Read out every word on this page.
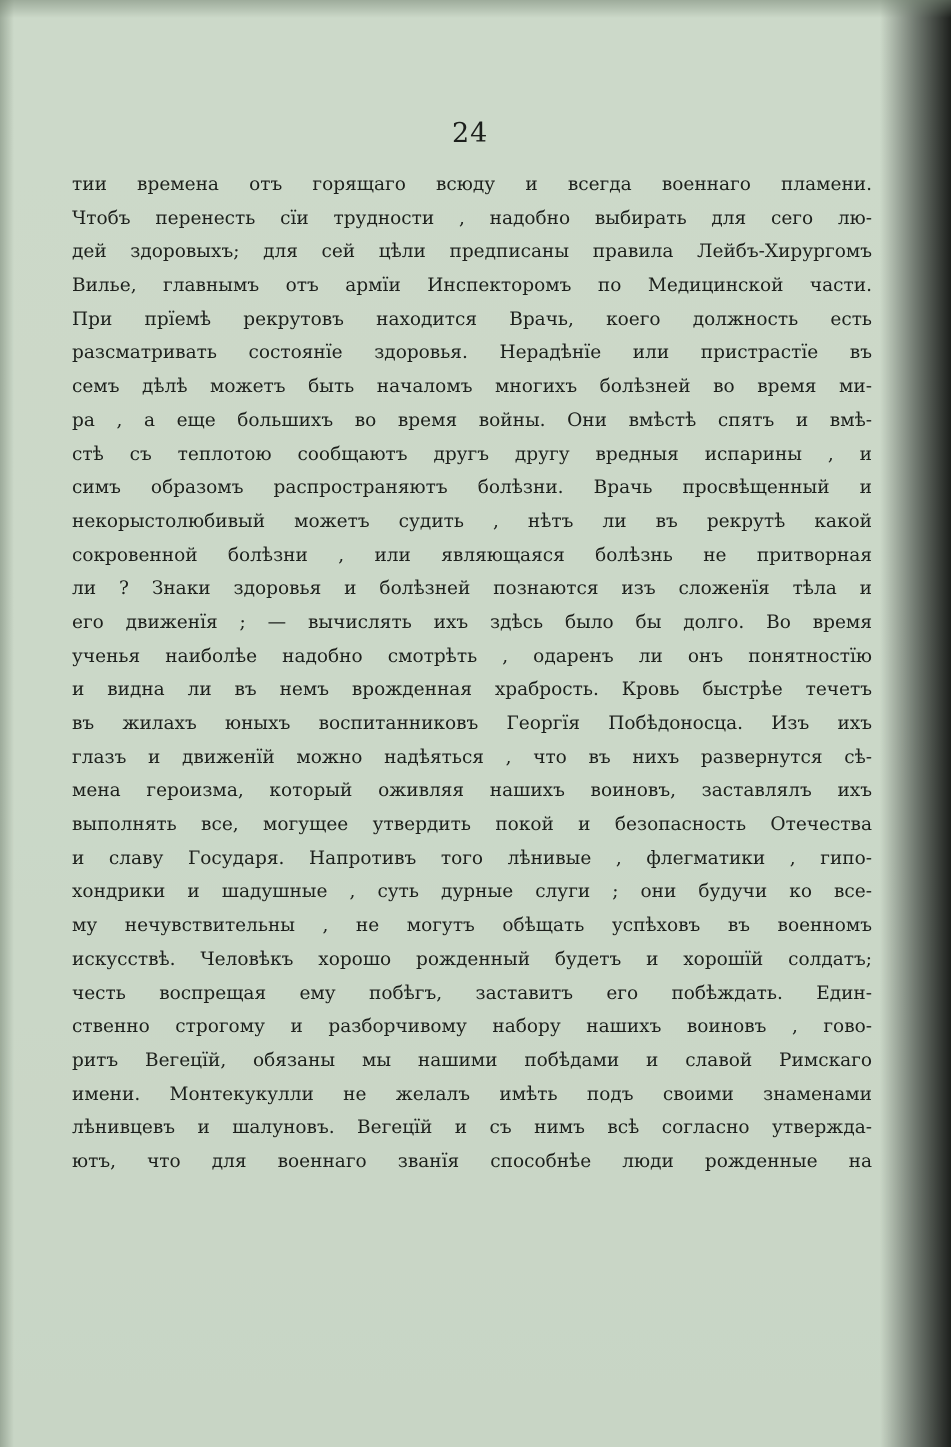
24
тии времена отъ горящаго всюду и всегда военнаго пламени.
Чтобъ перенесть сїи трудности , надобно выбирать для сего лю-
дей здоровыхъ; для сей цѣли предписаны правила Лейбъ-Хирургомъ
Вилье, главнымъ отъ армїи Инспекторомъ по Медицинской части.
При прїемѣ рекрутовъ находится Врачь, коего должность есть
разсматривать состоянїе здоровья. Нерадѣнїе или пристрастїе въ
семъ дѣлѣ можетъ быть началомъ многихъ болѣзней во время ми-
ра , а еще большихъ во время войны. Они вмѣстѣ спятъ и вмѣ-
стѣ съ теплотою сообщаютъ другъ другу вредныя испарины , и
симъ образомъ распространяютъ болѣзни. Врачь просвѣщенный и
некорыстолюбивый можетъ судить , нѣтъ ли въ рекрутѣ какой
сокровенной болѣзни , или являющаяся болѣзнь не притворная
ли ? Знаки здоровья и болѣзней познаются изъ сложенїя тѣла и
его движенїя ; — вычислять ихъ здѣсь было бы долго. Во время
ученья наиболѣе надобно смотрѣть , одаренъ ли онъ понятностїю
и видна ли въ немъ врожденная храбрость. Кровь быстрѣе течетъ
въ жилахъ юныхъ воспитанниковъ Георгїя Побѣдоносца. Изъ ихъ
глазъ и движенїй можно надѣяться , что въ нихъ развернутся сѣ-
мена героизма, который оживляя нашихъ воиновъ, заставлялъ ихъ
выполнять все, могущее утвердить покой и безопасность Отечества
и славу Государя. Напротивъ того лѣнивые , флегматики , гипо-
хондрики и шадушные , суть дурные слуги ; они будучи ко все-
му нечувствительны , не могутъ обѣщать успѣховъ въ военномъ
искусствѣ. Человѣкъ хорошо рожденный будетъ и хорошїй солдатъ;
честь воспрещая ему побѣгъ, заставитъ его побѣждать. Един-
ственно строгому и разборчивому набору нашихъ воиновъ , гово-
ритъ Вегецїй, обязаны мы нашими побѣдами и славой Римскаго
имени. Монтекукулли не желалъ имѣть подъ своими знаменами
лѣнивцевъ и шалуновъ. Вегецїй и съ нимъ всѣ согласно утвержда-
ютъ, что для военнаго званїя способнѣе люди рожденные на
